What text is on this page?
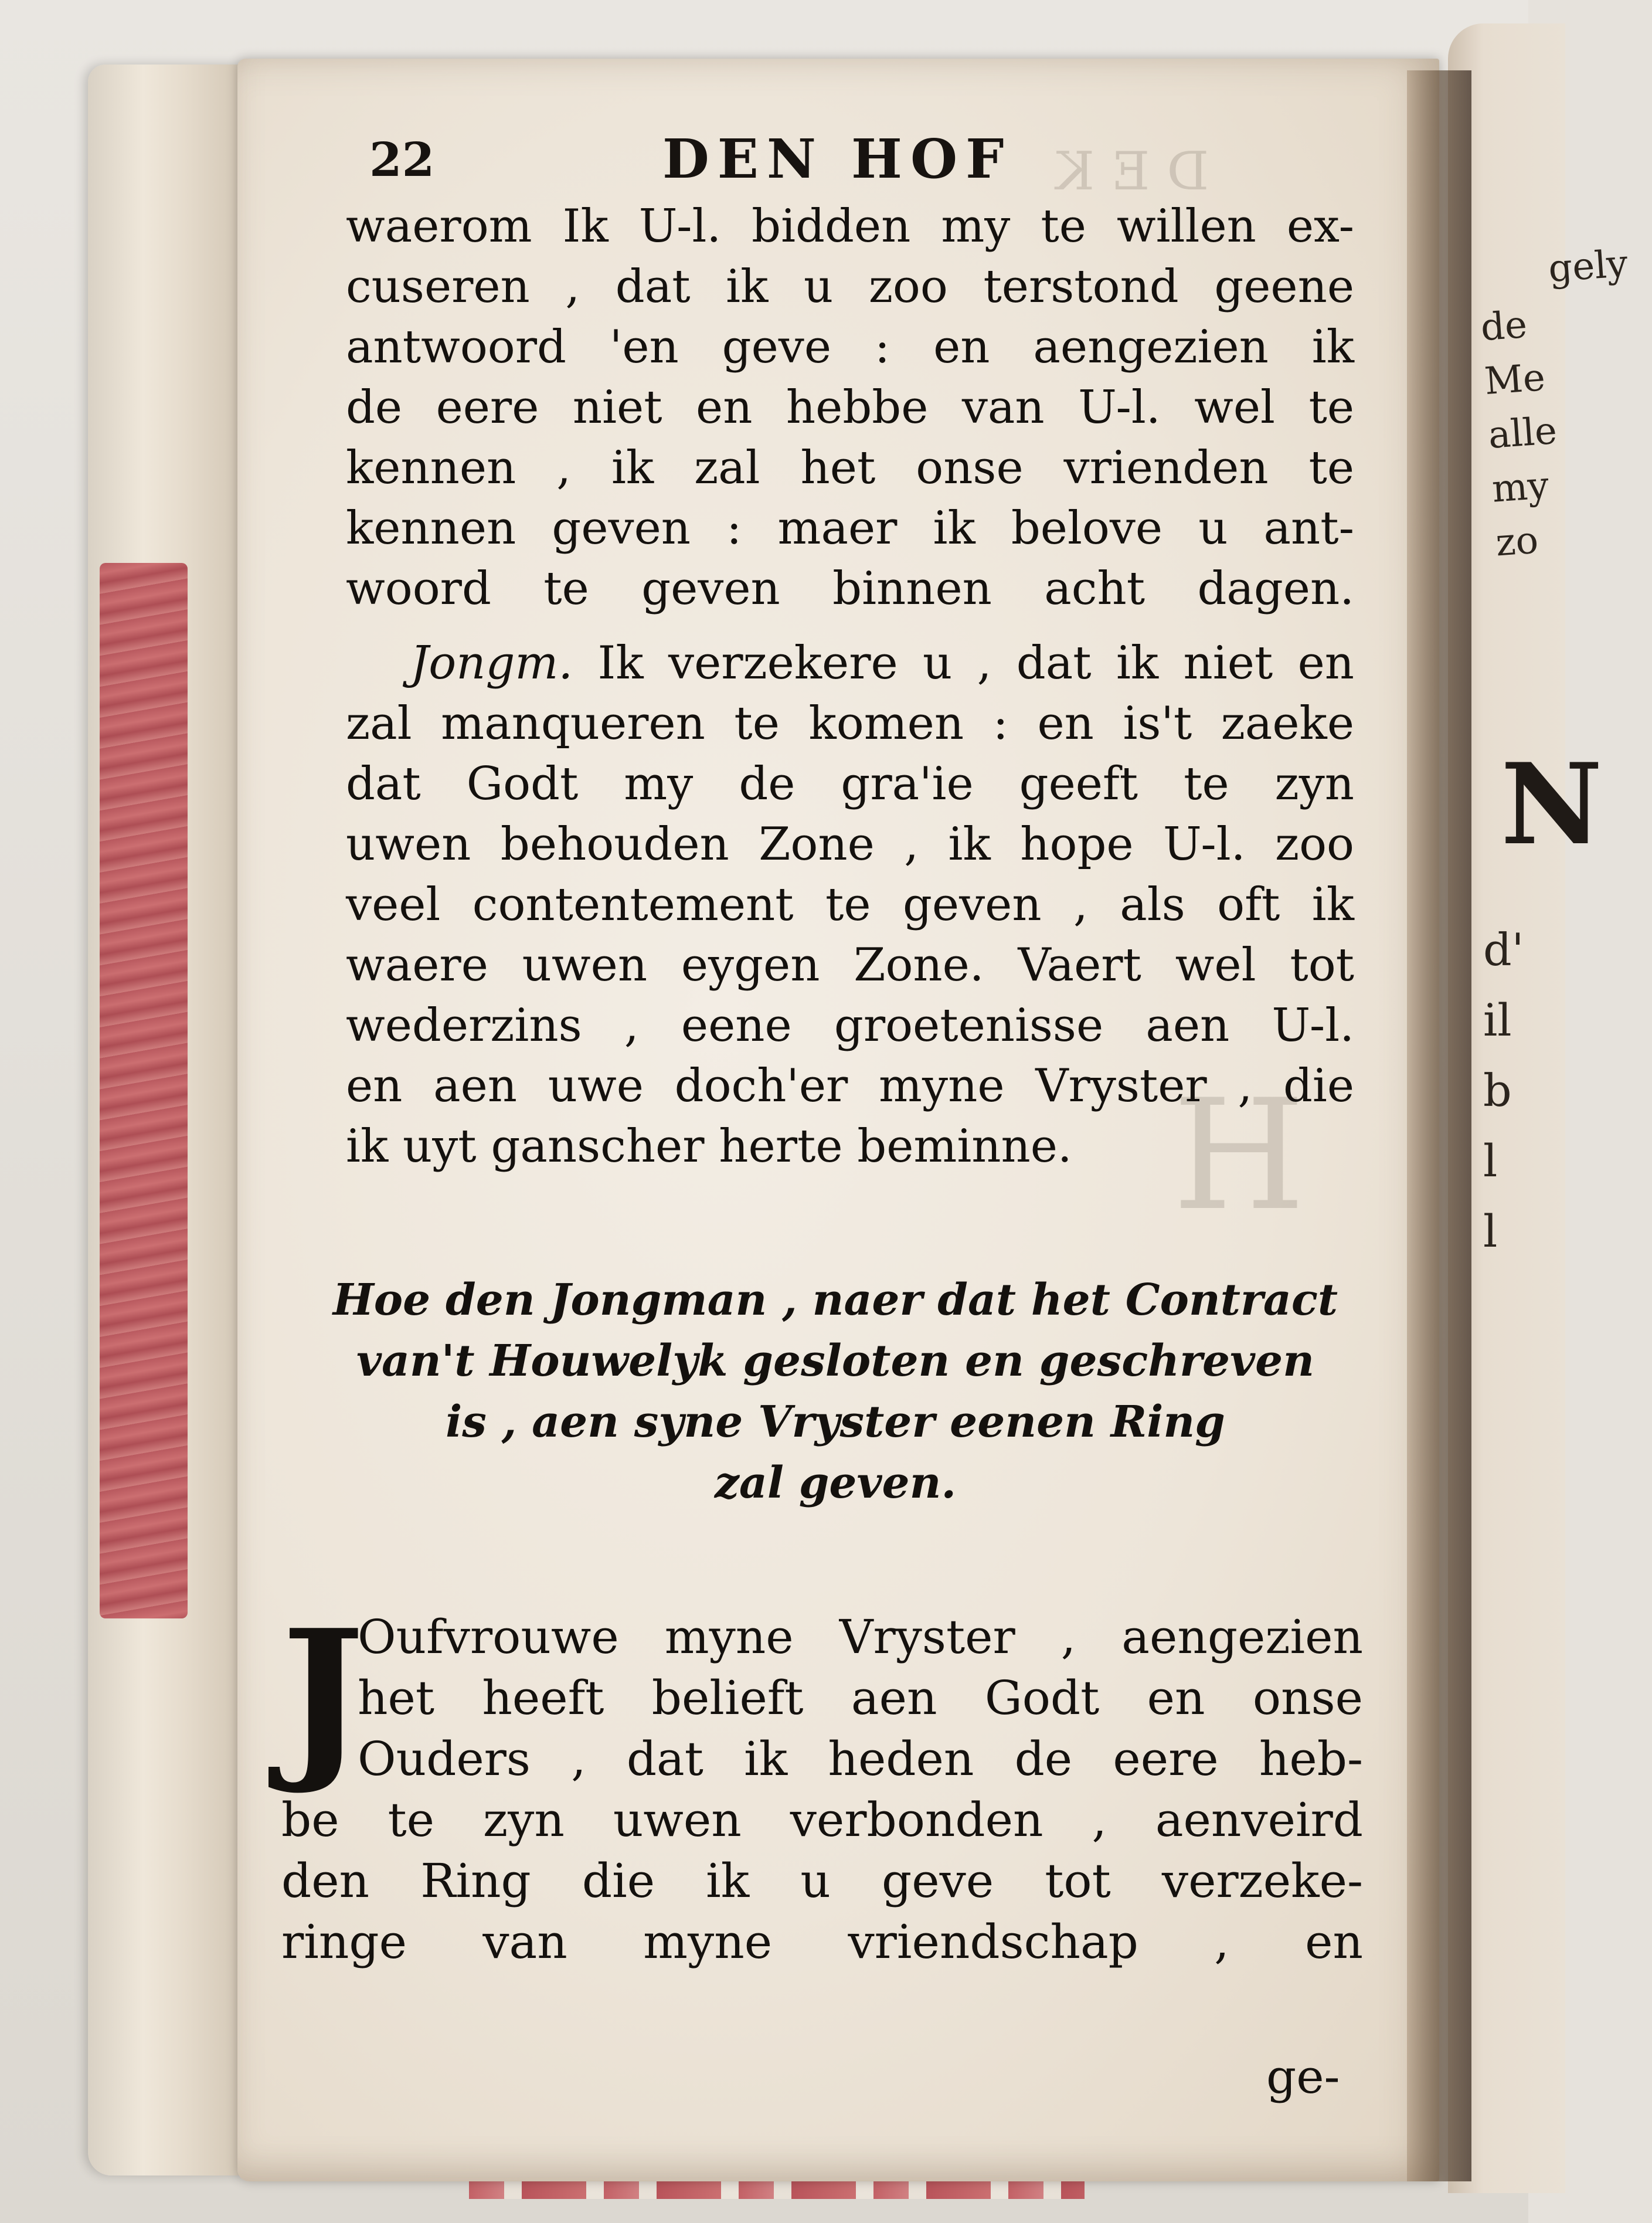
gely
de
Me
alle
my
zo

N

d'
il
b
l
l

D E K
H
22	DEN HOF
waerom Ik U-l. bidden my te willen ex-
cuseren , dat ik u zoo terstond geene
antwoord 'en geve : en aengezien ik
de eere niet en hebbe van U-l. wel te
kennen , ik zal het onse vrienden te
kennen geven : maer ik belove u ant-
woord te geven binnen acht dagen.
Jongm. Ik verzekere u , dat ik niet en
zal manqueren te komen : en is't zaeke
dat Godt my de gra'ie geeft te zyn
uwen behouden Zone , ik hope U-l. zoo
veel contentement te geven , als oft ik
waere uwen eygen Zone. Vaert wel tot
wederzins , eene groetenisse aen U-l.
en aen uwe doch'er myne Vryster , die
ik uyt ganscher herte beminne.
Hoe den Jongman , naer dat het Contract
van't Houwelyk gesloten en geschreven
is , aen syne Vryster eenen Ring
zal geven.
J
Oufvrouwe myne Vryster , aengezien
het heeft belieft aen Godt en onse
Ouders , dat ik heden de eere heb-
be te zyn uwen verbonden , aenveird
den Ring die ik u geve tot verzeke-
ringe van myne vriendschap , en
ge-
